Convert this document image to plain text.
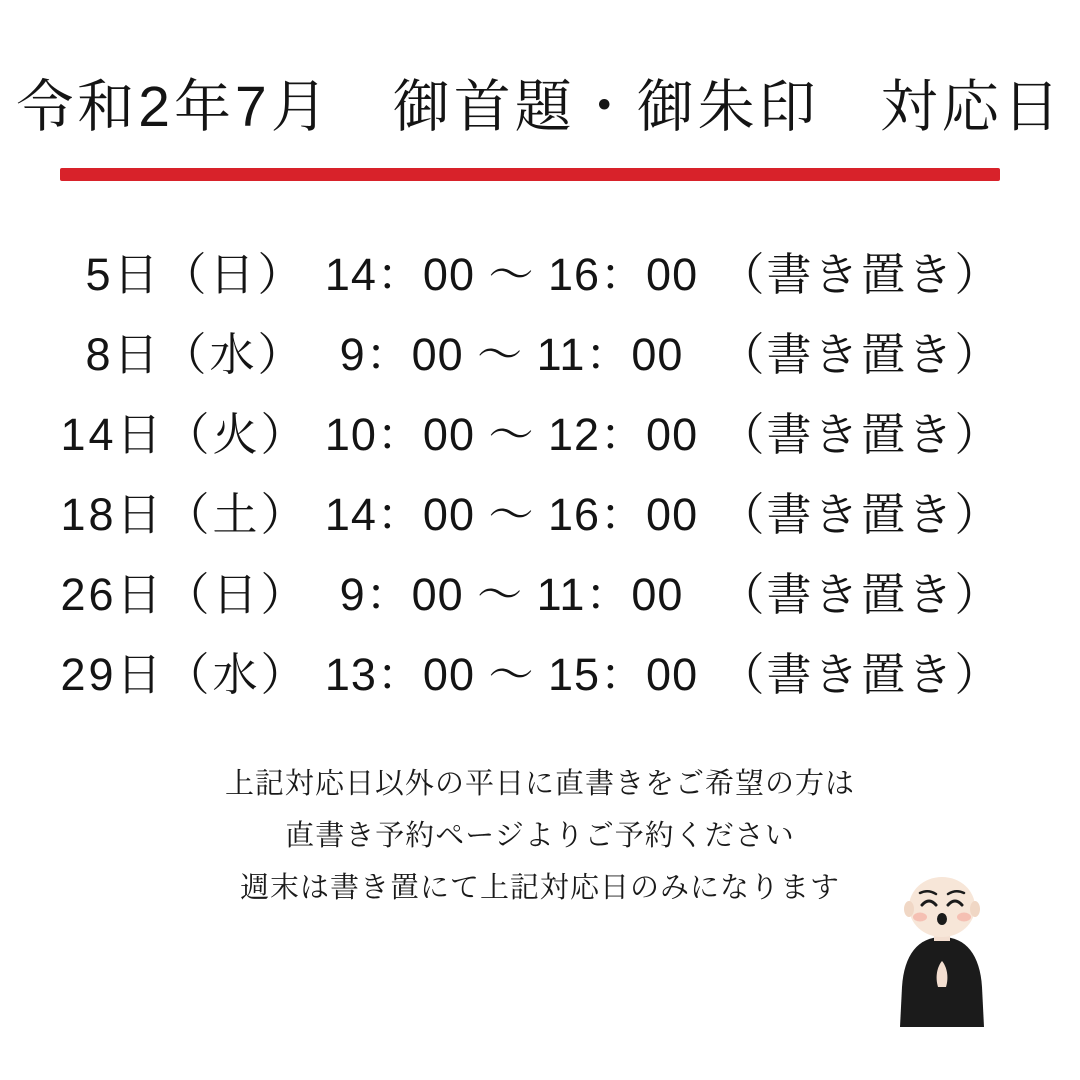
令和2年7月　御首題・御朱印　対応日
5日（日） 14：00 〜 16：00 （書き置き）
8日（水） 9：00 〜 11：00 （書き置き）
14日（火） 10：00 〜 12：00 （書き置き）
18日（土） 14：00 〜 16：00 （書き置き）
26日（日） 9：00 〜 11：00 （書き置き）
29日（水） 13：00 〜 15：00 （書き置き）
上記対応日以外の平日に直書きをご希望の方は
直書き予約ページよりご予約ください
週末は書き置にて上記対応日のみになります
